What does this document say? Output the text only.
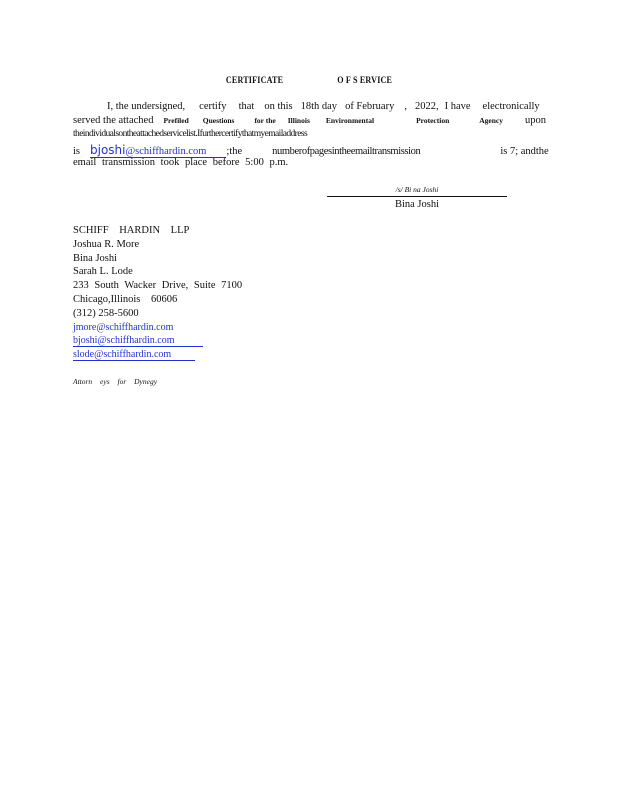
CERTIFICATE	O F S ERVICE
I, the undersigned, certify that on this 18th day of February , 2022, I have electronically
served the attached Prefiled Questions	for the Illinois Environmental	Protection	Agency upon
theindividualsontheattachedservicelist.Ifurthercertifythatmyemailaddress
is bjoshi@schiffhardin.com ;the	numberofpagesintheemailtransmission	is 7; andthe
email transmission took place before 5:00 p.m.
/s/ Bi na Joshi
Bina Joshi
SCHIFF HARDIN LLP
Joshua R. More
Bina Joshi
Sarah L. Lode
233 South Wacker Drive, Suite 7100
Chicago,Illinois 60606
(312) 258-5600
jmore@schiffhardin.com
bjoshi@schiffhardin.com
slode@schiffhardin.com
Attorn eys for Dynegy
